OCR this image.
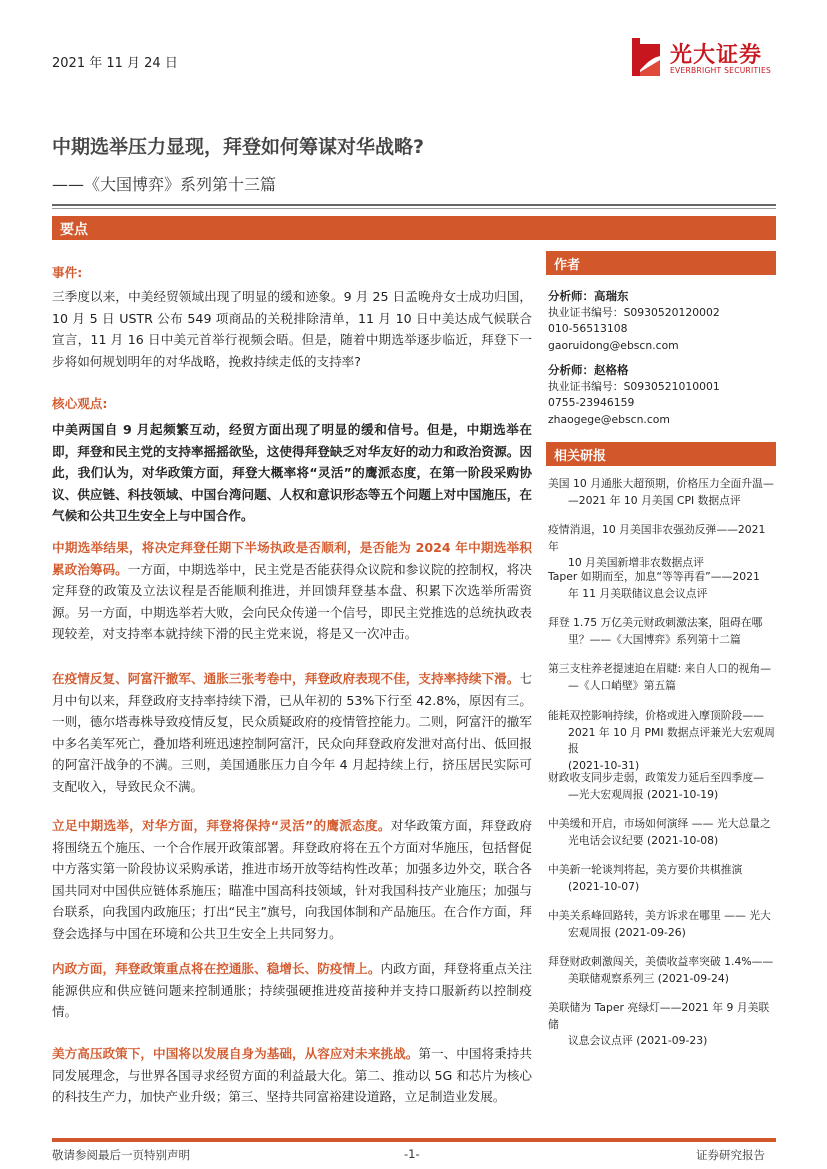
2021 年 11 月 24 日	光大证券
EVERBRIGHT SECURITIES
中期选举压力显现，拜登如何筹谋对华战略?
——《大国博弈》系列第十三篇
要点
事件:
三季度以来，中美经贸领域出现了明显的缓和迹象。9 月 25 日孟晚舟女士成功归国，10 月 5 日 USTR 公布 549 项商品的关税排除清单，11 月 10 日中美达成气候联合宣言，11 月 16 日中美元首举行视频会晤。但是，随着中期选举逐步临近，拜登下一步将如何规划明年的对华战略，挽救持续走低的支持率?
核心观点:
中美两国自 9 月起频繁互动，经贸方面出现了明显的缓和信号。但是，中期选举在即，拜登和民主党的支持率摇摇欲坠，这使得拜登缺乏对华友好的动力和政治资源。因此，我们认为，对华政策方面，拜登大概率将“灵活”的鹰派态度，在第一阶段采购协议、供应链、科技领域、中国台湾问题、人权和意识形态等五个问题上对中国施压，在气候和公共卫生安全上与中国合作。
中期选举结果，将决定拜登任期下半场执政是否顺利，是否能为 2024 年中期选举积累政治筹码。一方面，中期选举中，民主党是否能获得众议院和参议院的控制权，将决定拜登的政策及立法议程是否能顺利推进，并回馈拜登基本盘、积累下次选举所需资源。另一方面，中期选举若大败，会向民众传递一个信号，即民主党推选的总统执政表现较差，对支持率本就持续下滑的民主党来说，将是又一次冲击。
在疫情反复、阿富汗撤军、通胀三张考卷中，拜登政府表现不佳，支持率持续下滑。七月中旬以来，拜登政府支持率持续下滑，已从年初的 53%下行至 42.8%，原因有三。一则，德尔塔毒株导致疫情反复，民众质疑政府的疫情管控能力。二则，阿富汗的撤军中多名美军死亡，叠加塔利班迅速控制阿富汗，民众向拜登政府发泄对高付出、低回报的阿富汗战争的不满。三则，美国通胀压力自今年 4 月起持续上行，挤压居民实际可支配收入，导致民众不满。
立足中期选举，对华方面，拜登将保持“灵活”的鹰派态度。对华政策方面，拜登政府将围绕五个施压、一个合作展开政策部署。拜登政府将在五个方面对华施压，包括督促中方落实第一阶段协议采购承诺，推进市场开放等结构性改革；加强多边外交，联合各国共同对中国供应链体系施压；瞄准中国高科技领域，针对我国科技产业施压；加强与台联系，向我国内政施压；打出“民主”旗号，向我国体制和产品施压。在合作方面，拜登会选择与中国在环境和公共卫生安全上共同努力。
内政方面，拜登政策重点将在控通胀、稳增长、防疫情上。内政方面，拜登将重点关注能源供应和供应链问题来控制通胀；持续强硬推进疫苗接种并支持口服新药以控制疫情。
美方高压政策下，中国将以发展自身为基础，从容应对未来挑战。第一、中国将秉持共同发展理念，与世界各国寻求经贸方面的利益最大化。第二、推动以 5G 和芯片为核心的科技生产力，加快产业升级；第三、坚持共同富裕建设道路，立足制造业发展。
作者
分析师：高瑞东
执业证书编号：S0930520120002
010-56513108
gaoruidong@ebscn.com
分析师：赵格格
执业证书编号：S0930521010001
0755-23946159
zhaogege@ebscn.com
相关研报
美国 10 月通胀大超预期，价格压力全面升温—
—2021 年 10 月美国 CPI 数据点评
疫情消退，10 月美国非农强劲反弹——2021 年
10 月美国新增非农数据点评
Taper 如期而至，加息“等等再看”——2021
年 11 月美联储议息会议点评
拜登 1.75 万亿美元财政刺激法案，阻碍在哪
里？——《大国博弈》系列第十二篇
第三支柱养老提速迫在眉睫: 来自人口的视角—
—《人口峭壁》第五篇
能耗双控影响持续，价格或进入摩顶阶段——
2021 年 10 月 PMI 数据点评兼光大宏观周报
(2021-10-31)
财政收支同步走弱，政策发力延后至四季度—
—光大宏观周报 (2021-10-19)
中美缓和开启，市场如何演绎 —— 光大总量之
光电话会议纪要 (2021-10-08)
中美新一轮谈判将起，美方要价共棋推演
(2021-10-07)
中美关系峰回路转，美方诉求在哪里 —— 光大
宏观周报 (2021-09-26)
拜登财政刺激闯关，美债收益率突破 1.4%——
美联储观察系列三 (2021-09-24)
美联储为 Taper 亮绿灯——2021 年 9 月美联储
议息会议点评 (2021-09-23)
敬请参阅最后一页特别声明	-1-	证券研究报告
